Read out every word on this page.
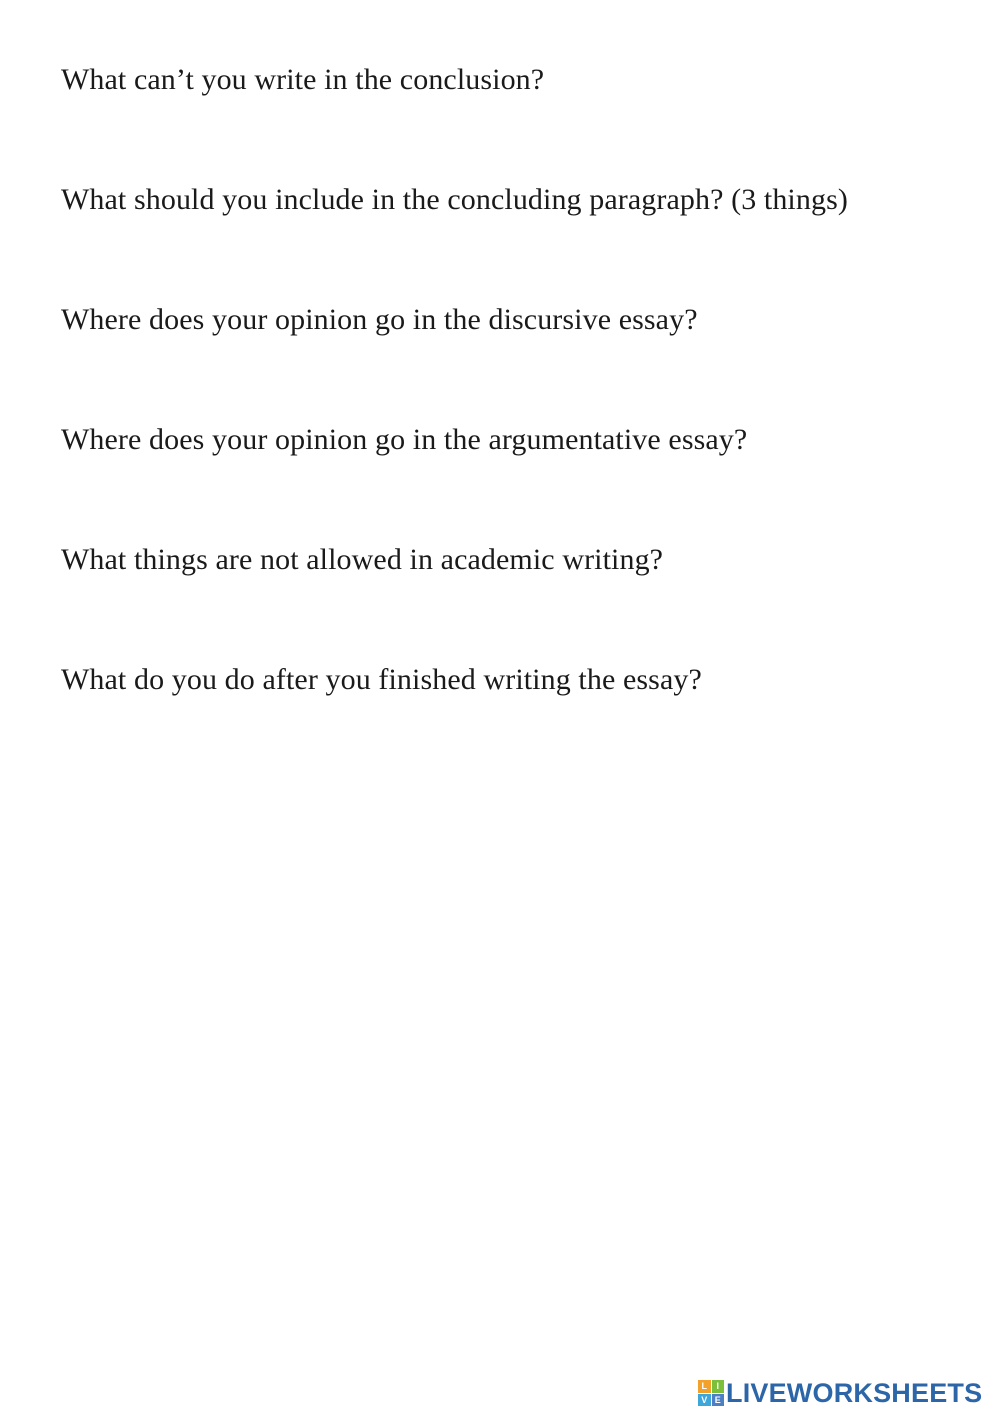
What can’t you write in the conclusion?
What should you include in the concluding paragraph? (3 things)
Where does your opinion go in the discursive essay?
Where does your opinion go in the argumentative essay?
What things are not allowed in academic writing?
What do you do after you finished writing the essay?
L	I
V E LIVEWORKSHEETS
